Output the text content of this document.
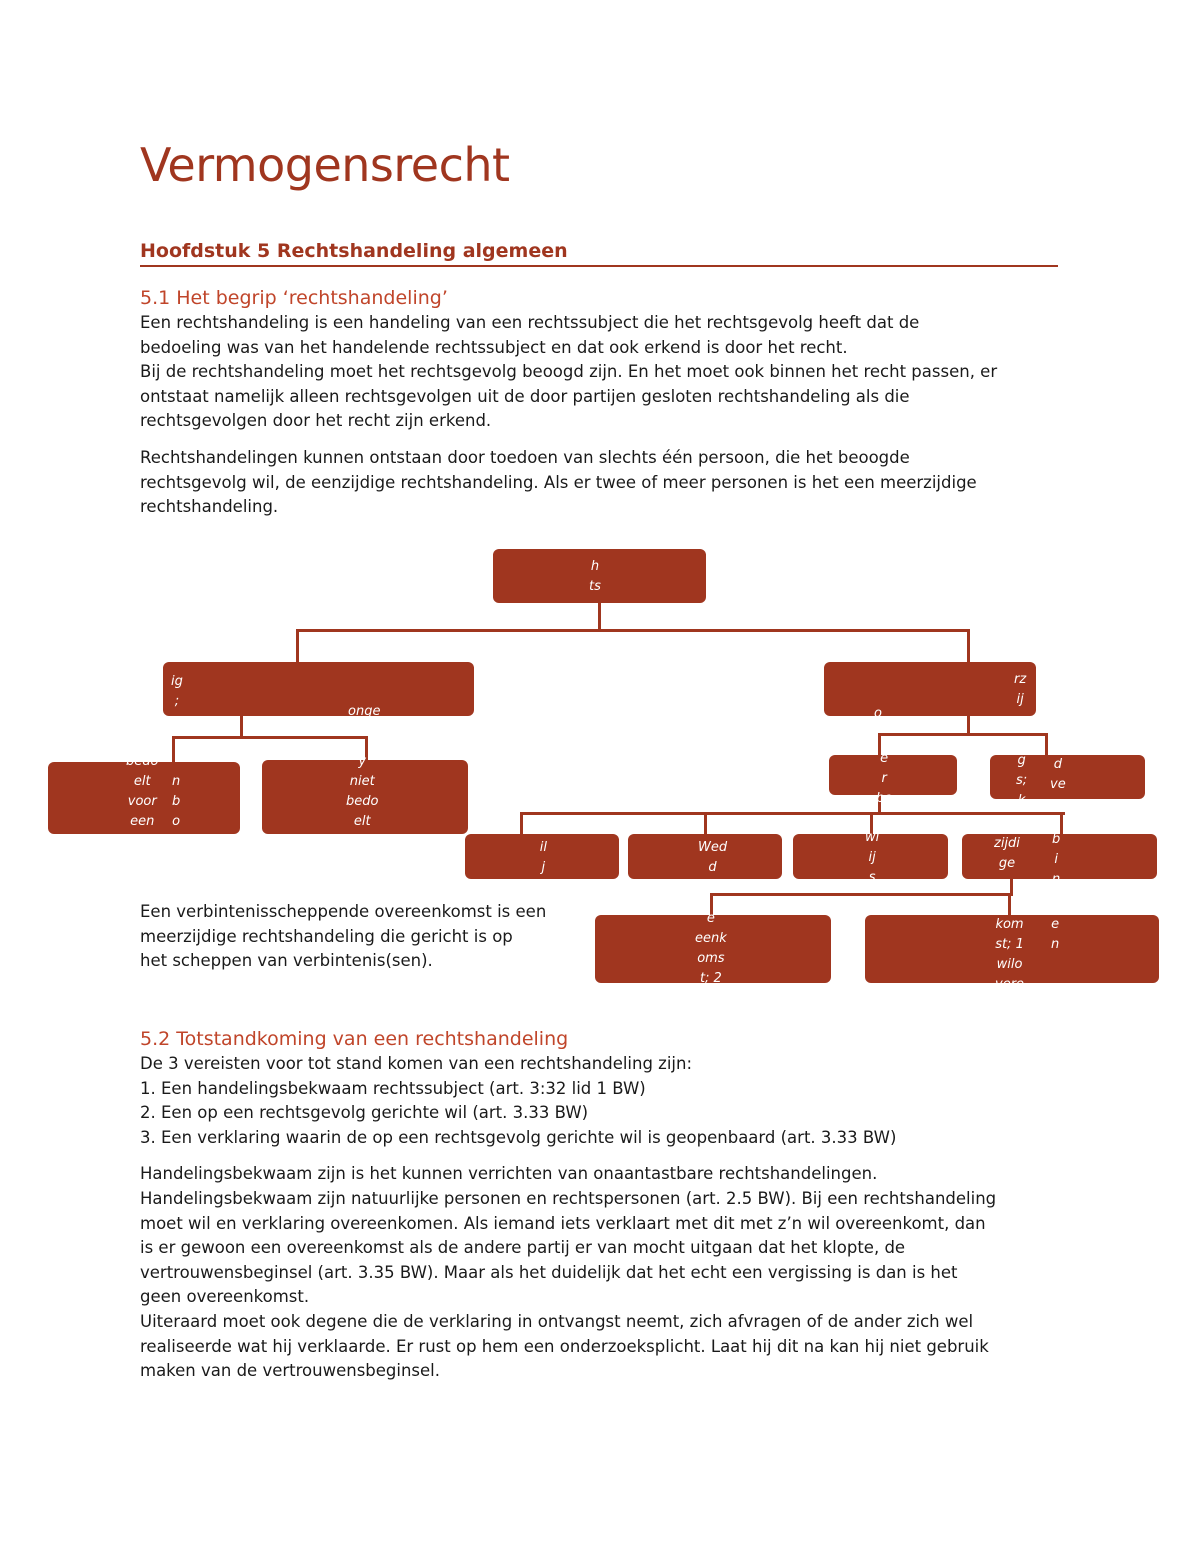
Vermogensrecht
Hoofdstuk 5 Rechtshandeling algemeen
5.1 Het begrip ‘rechtshandeling’

Een rechtshandeling is een handeling van een rechtssubject die het rechtsgevolg heeft dat de

bedoeling was van het handelende rechtssubject en dat ook erkend is door het recht.

Bij de rechtshandeling moet het rechtsgevolg beoogd zijn. En het moet ook binnen het recht passen, er

ontstaat namelijk alleen rechtsgevolgen uit de door partijen gesloten rechtshandeling als die

rechtsgevolgen door het recht zijn erkend.

Rechtshandelingen kunnen ontstaan door toedoen van slechts één persoon, die het beoogde

rechtsgevolg wil, de eenzijdige rechtshandeling. Als er twee of meer personen is het een meerzijdige

rechtshandeling.

h
ts
ig
;
onge
rz
ij
o
bedo
elt
voor
een
n
b
o
y
niet
bedo
elt
voor
e
r
be
g
s;
k
d
ve
er
m
il
j
e
Wed
d
erke
wi
ij
s
zijdi
ge
b
i
n
e
eenk
oms
t; 2
kom
st; 1
wilo
vere
e
n
Een verbintenisscheppende overeenkomst is een
meerzijdige rechtshandeling die gericht is op
het scheppen van verbintenis(sen).
5.2 Totstandkoming van een rechtshandeling

De 3 vereisten voor tot stand komen van een rechtshandeling zijn:

1. Een handelingsbekwaam rechtssubject (art. 3:32 lid 1 BW)

2. Een op een rechtsgevolg gerichte wil (art. 3.33 BW)

3. Een verklaring waarin de op een rechtsgevolg gerichte wil is geopenbaard (art. 3.33 BW)

Handelingsbekwaam zijn is het kunnen verrichten van onaantastbare rechtshandelingen.

Handelingsbekwaam zijn natuurlijke personen en rechtspersonen (art. 2.5 BW). Bij een rechtshandeling

moet wil en verklaring overeenkomen. Als iemand iets verklaart met dit met z’n wil overeenkomt, dan

is er gewoon een overeenkomst als de andere partij er van mocht uitgaan dat het klopte, de

vertrouwensbeginsel (art. 3.35 BW). Maar als het duidelijk dat het echt een vergissing is dan is het

geen overeenkomst.

Uiteraard moet ook degene die de verklaring in ontvangst neemt, zich afvragen of de ander zich wel

realiseerde wat hij verklaarde. Er rust op hem een onderzoeksplicht. Laat hij dit na kan hij niet gebruik

maken van de vertrouwensbeginsel.
